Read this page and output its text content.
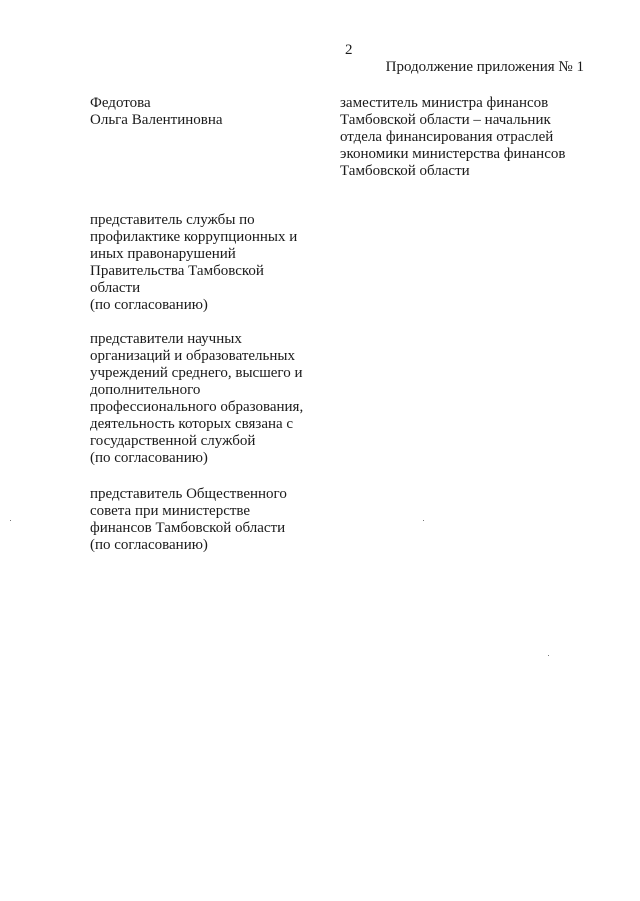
2
Продолжение приложения № 1
Федотова
Ольга Валентиновна
заместитель министра финансов
Тамбовской области – начальник
отдела финансирования отраслей
экономики министерства финансов
Тамбовской области
представитель службы по
профилактике коррупционных и
иных правонарушений
Правительства Тамбовской
области
(по согласованию)
представители научных
организаций и образовательных
учреждений среднего, высшего и
дополнительного
профессионального образования,
деятельность которых связана с
государственной службой
(по согласованию)
представитель Общественного
совета при министерстве
финансов Тамбовской области
(по согласованию)
